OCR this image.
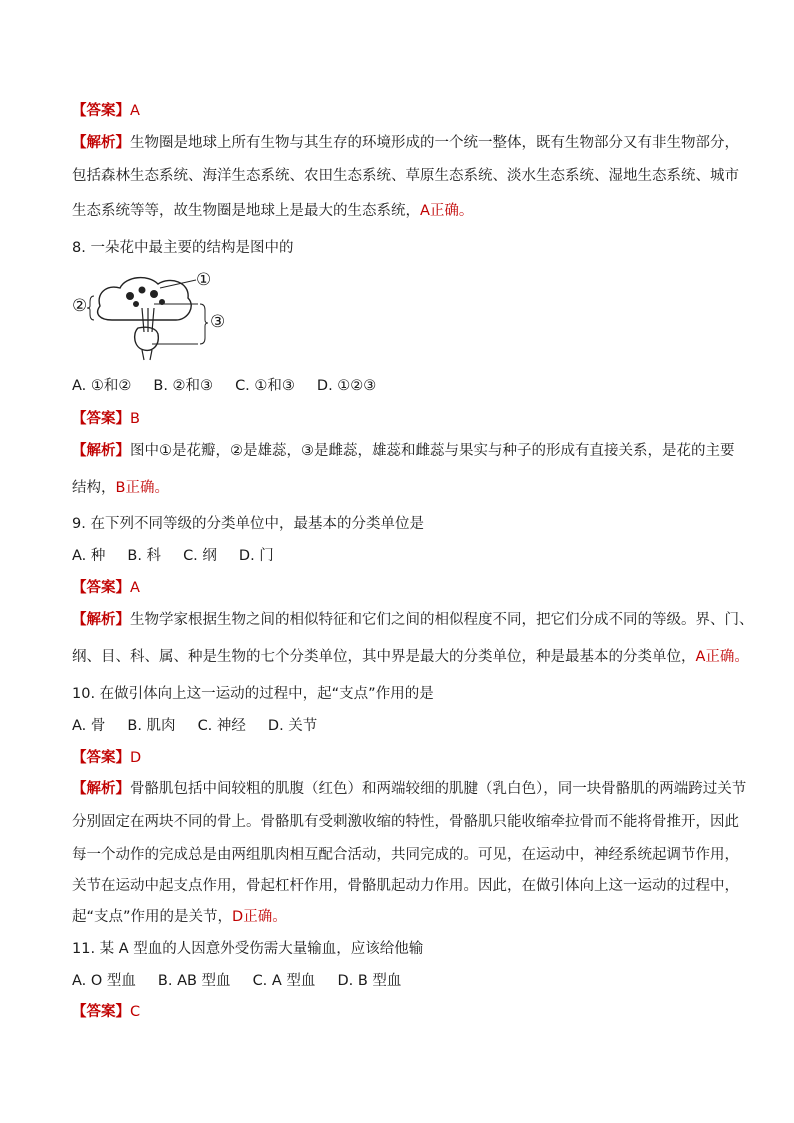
【答案】A
【解析】生物圈是地球上所有生物与其生存的环境形成的一个统一整体，既有生物部分又有非生物部分，
包括森林生态系统、海洋生态系统、农田生态系统、草原生态系统、淡水生态系统、湿地生态系统、城市
生态系统等等，故生物圈是地球上是最大的生态系统，A正确。
8. 一朵花中最主要的结构是图中的
①
②
③
A. ①和② B. ②和③ C. ①和③ D. ①②③
【答案】B
【解析】图中①是花瓣，②是雄蕊，③是雌蕊，雄蕊和雌蕊与果实与种子的形成有直接关系，是花的主要
结构，B正确。
9. 在下列不同等级的分类单位中，最基本的分类单位是
A. 种 B. 科 C. 纲 D. 门
【答案】A
【解析】生物学家根据生物之间的相似特征和它们之间的相似程度不同，把它们分成不同的等级。界、门、
纲、目、科、属、种是生物的七个分类单位，其中界是最大的分类单位，种是最基本的分类单位，A正确。
10. 在做引体向上这一运动的过程中，起“支点”作用的是
A. 骨 B. 肌肉 C. 神经 D. 关节
【答案】D
【解析】骨骼肌包括中间较粗的肌腹（红色）和两端较细的肌腱（乳白色），同一块骨骼肌的两端跨过关节
分别固定在两块不同的骨上。骨骼肌有受刺激收缩的特性，骨骼肌只能收缩牵拉骨而不能将骨推开，因此
每一个动作的完成总是由两组肌肉相互配合活动，共同完成的。可见，在运动中，神经系统起调节作用，
关节在运动中起支点作用，骨起杠杆作用，骨骼肌起动力作用。因此，在做引体向上这一运动的过程中，
起“支点”作用的是关节，D正确。
11. 某 A 型血的人因意外受伤需大量输血，应该给他输
A. O 型血 B. AB 型血 C. A 型血 D. B 型血
【答案】C
